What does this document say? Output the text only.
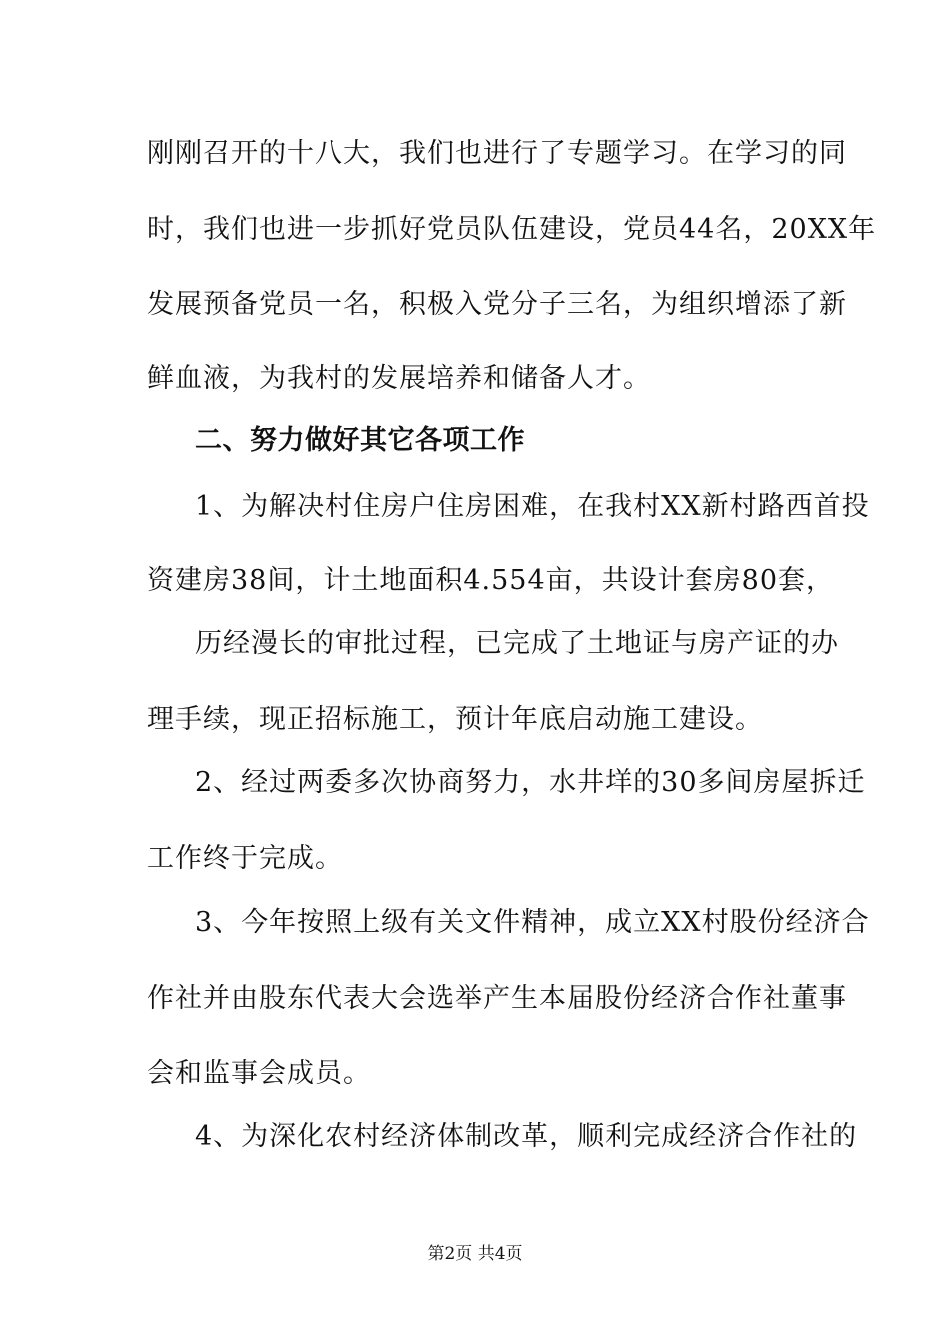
刚刚召开的十八大，我们也进行了专题学习。在学习的同
时，我们也进一步抓好党员队伍建设，党员44名，20XX年
发展预备党员一名，积极入党分子三名，为组织增添了新
鲜血液，为我村的发展培养和储备人才。
二、努力做好其它各项工作
1、为解决村住房户住房困难，在我村XX新村路西首投
资建房38间，计土地面积4.554亩，共设计套房80套，
历经漫长的审批过程，已完成了土地证与房产证的办
理手续，现正招标施工，预计年底启动施工建设。
2、经过两委多次协商努力，水井垟的30多间房屋拆迁
工作终于完成。
3、今年按照上级有关文件精神，成立XX村股份经济合
作社并由股东代表大会选举产生本届股份经济合作社董事
会和监事会成员。
4、为深化农村经济体制改革，顺利完成经济合作社的
第2页 共4页
